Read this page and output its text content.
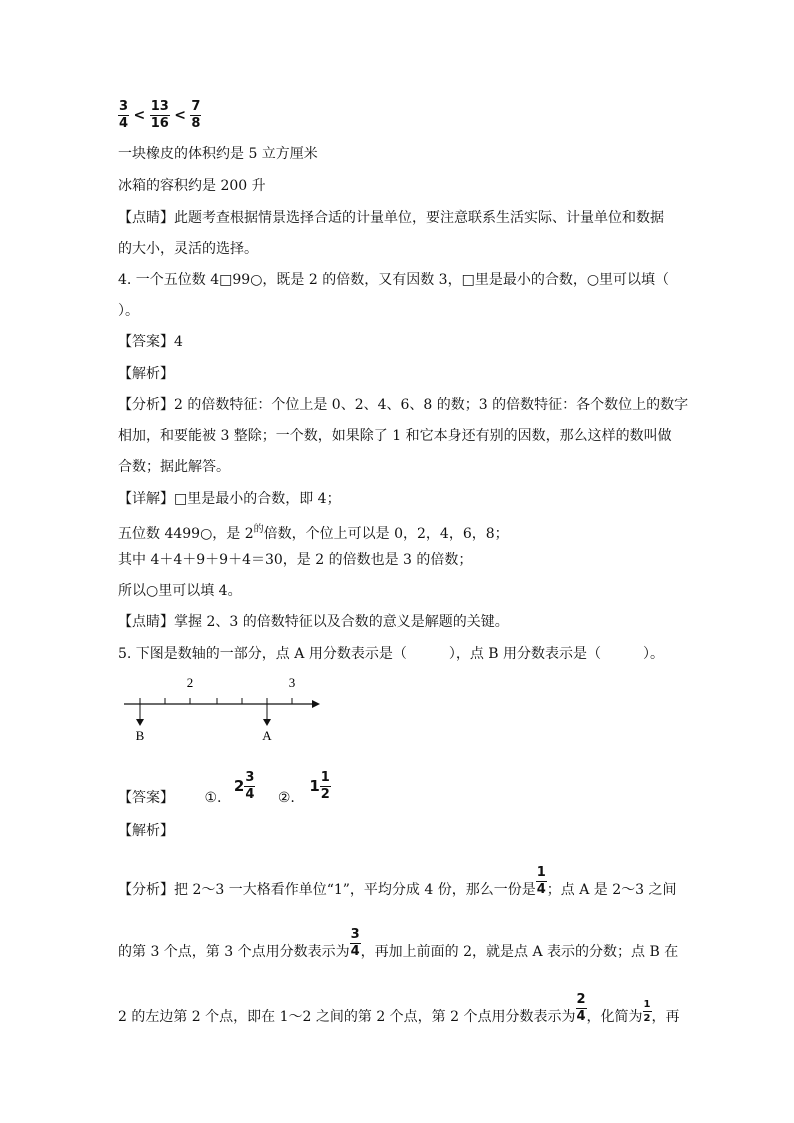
$\frac{3}{4} < \frac{13}{16} < \frac{7}{8}$
一块橡皮的体积约是 5 立方厘米
冰箱的容积约是 200 升
【点睛】此题考查根据情景选择合适的计量单位，要注意联系生活实际、计量单位和数据
的大小，灵活的选择。
4. 一个五位数 4□99○，既是 2 的倍数，又有因数 3，□里是最小的合数，○里可以填（
）。
【答案】4
【解析】
【分析】2 的倍数特征：个位上是 0、2、4、6、8 的数；3 的倍数特征：各个数位上的数字
相加，和要能被 3 整除；一个数，如果除了 1 和它本身还有别的因数，那么这样的数叫做
合数；据此解答。
【详解】□里是最小的合数，即 4；
五位数 4499○，是 $2^的$倍数，个位上可以是 0，2，4，6，8；
其中 4＋4＋9＋9＋4＝30，是 2 的倍数也是 3 的倍数；
所以○里可以填 4。
【点睛】掌握 2、3 的倍数特征以及合数的意义是解题的关键。
5. 下图是数轴的一部分，点 A 用分数表示是（　　　），点 B 用分数表示是（　　　）。
2	3
B	A
【答案】 ①. $2 \frac{3}{4}$ ②. $1 \frac{1}{2}$
【解析】
【分析】把 2～3 一大格看作单位“1”，平均分成 4 份，那么一份是 $\frac{1}{4}$ ；点 A 是 2～3 之间
的第 3 个点，第 3 个点用分数表示为 $\frac{3}{4}$ ，再加上前面的 2，就是点 A 表示的分数；点 B 在
2 的左边第 2 个点，即在 1～2 之间的第 2 个点，第 2 个点用分数表示为 $\frac{2}{4}$ ，化简为 $\frac{1}{2}$ ，再
